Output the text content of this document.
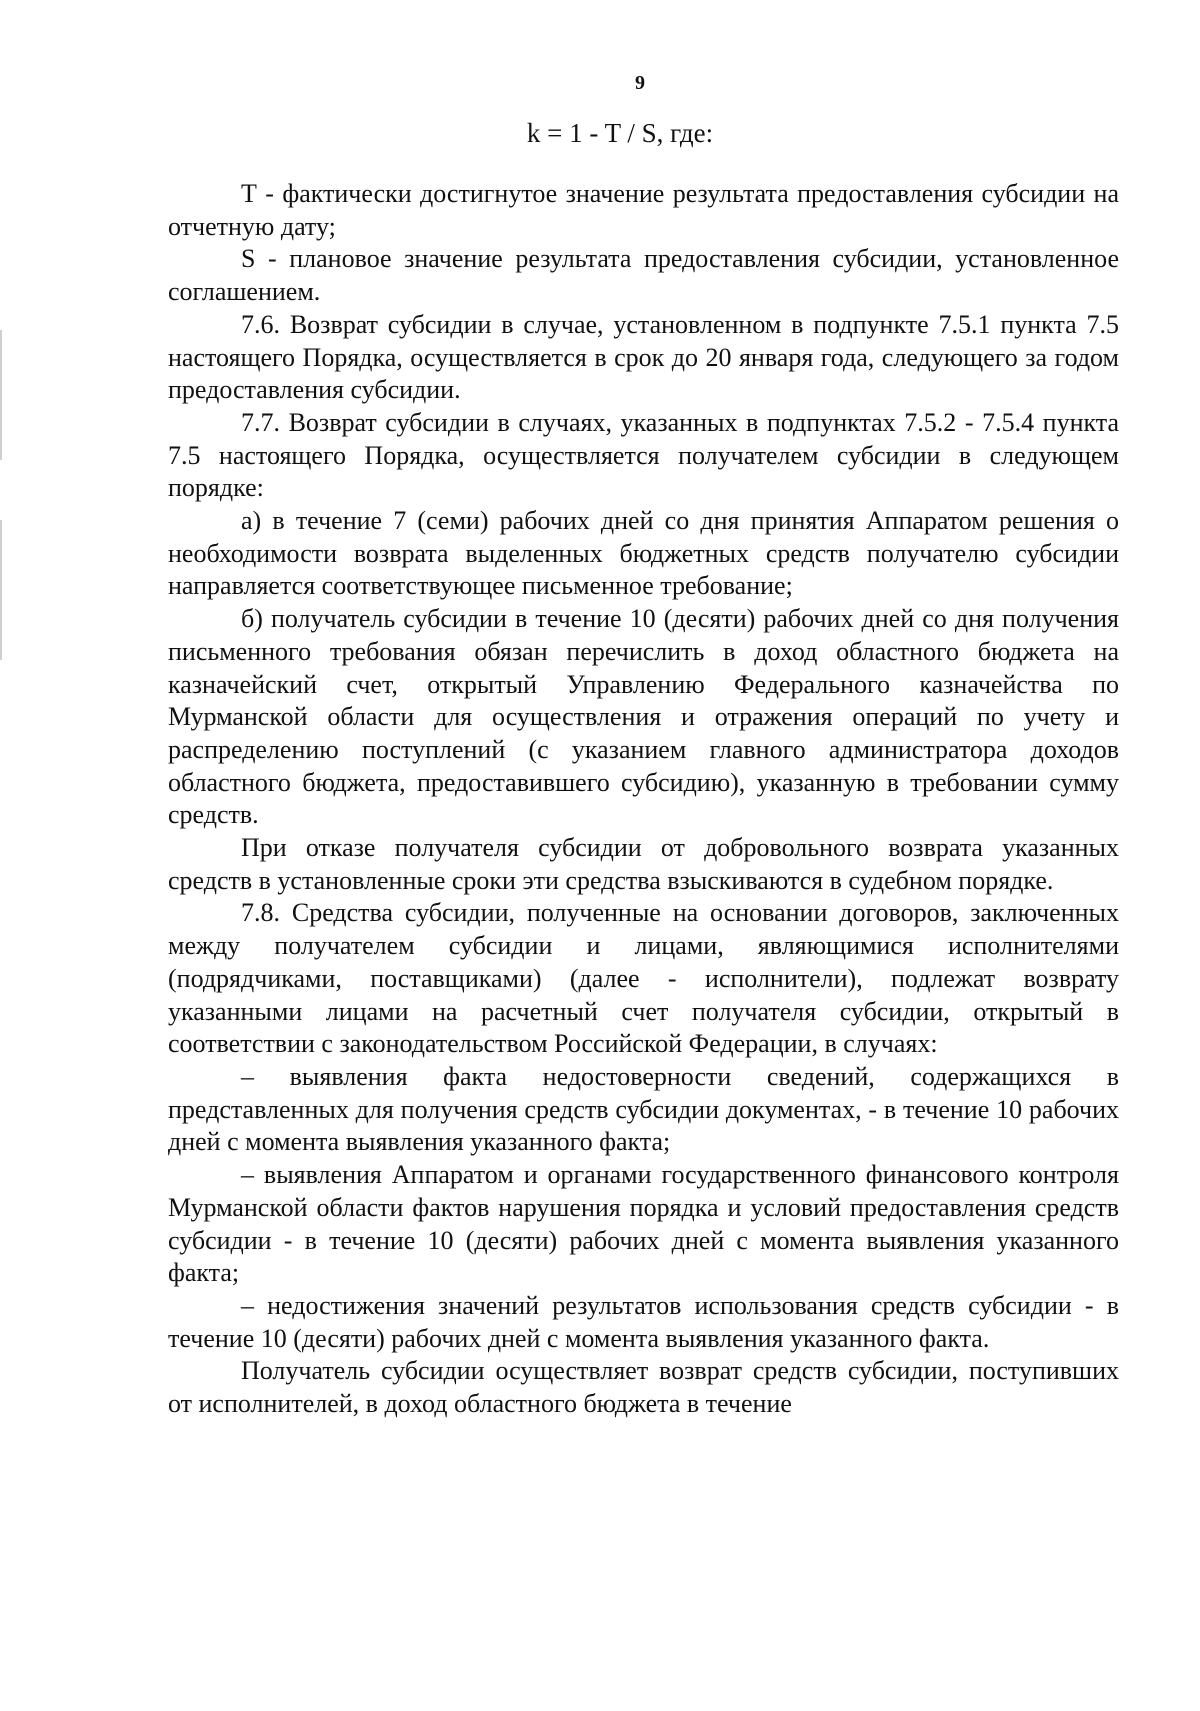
9
k = 1 - T / S, где:

Т - фактически достигнутое значение результата предоставления субсидии на отчетную дату;

S - плановое значение результата предоставления субсидии, установленное соглашением.

7.6. Возврат субсидии в случае, установленном в подпункте 7.5.1 пункта 7.5 настоящего Порядка, осуществляется в срок до 20 января года, следующего за годом предоставления субсидии.

7.7. Возврат субсидии в случаях, указанных в подпунктах 7.5.2 - 7.5.4 пункта 7.5 настоящего Порядка, осуществляется получателем субсидии в следующем порядке:

а) в течение 7 (семи) рабочих дней со дня принятия Аппаратом решения о необходимости возврата выделенных бюджетных средств получателю субсидии направляется соответствующее письменное требование;

б) получатель субсидии в течение 10 (десяти) рабочих дней со дня получения письменного требования обязан перечислить в доход областного бюджета на казначейский счет, открытый Управлению Федерального казначейства по Мурманской области для осуществления и отражения операций по учету и распределению поступлений (с указанием главного администратора доходов областного бюджета, предоставившего субсидию), указанную в требовании сумму средств.

При отказе получателя субсидии от добровольного возврата указанных средств в установленные сроки эти средства взыскиваются в судебном порядке.

7.8. Средства субсидии, полученные на основании договоров, заключенных между получателем субсидии и лицами, являющимися исполнителями (подрядчиками, поставщиками) (далее - исполнители), подлежат возврату указанными лицами на расчетный счет получателя субсидии, открытый в соответствии с законодательством Российской Федерации, в случаях:

– выявления факта недостоверности сведений, содержащихся в представленных для получения средств субсидии документах, - в течение 10 рабочих дней с момента выявления указанного факта;

– выявления Аппаратом и органами государственного финансового контроля Мурманской области фактов нарушения порядка и условий предоставления средств субсидии - в течение 10 (десяти) рабочих дней с момента выявления указанного факта;

– недостижения значений результатов использования средств субсидии - в течение 10 (десяти) рабочих дней с момента выявления указанного факта.

Получатель субсидии осуществляет возврат средств субсидии, поступивших от исполнителей, в доход областного бюджета в течение
